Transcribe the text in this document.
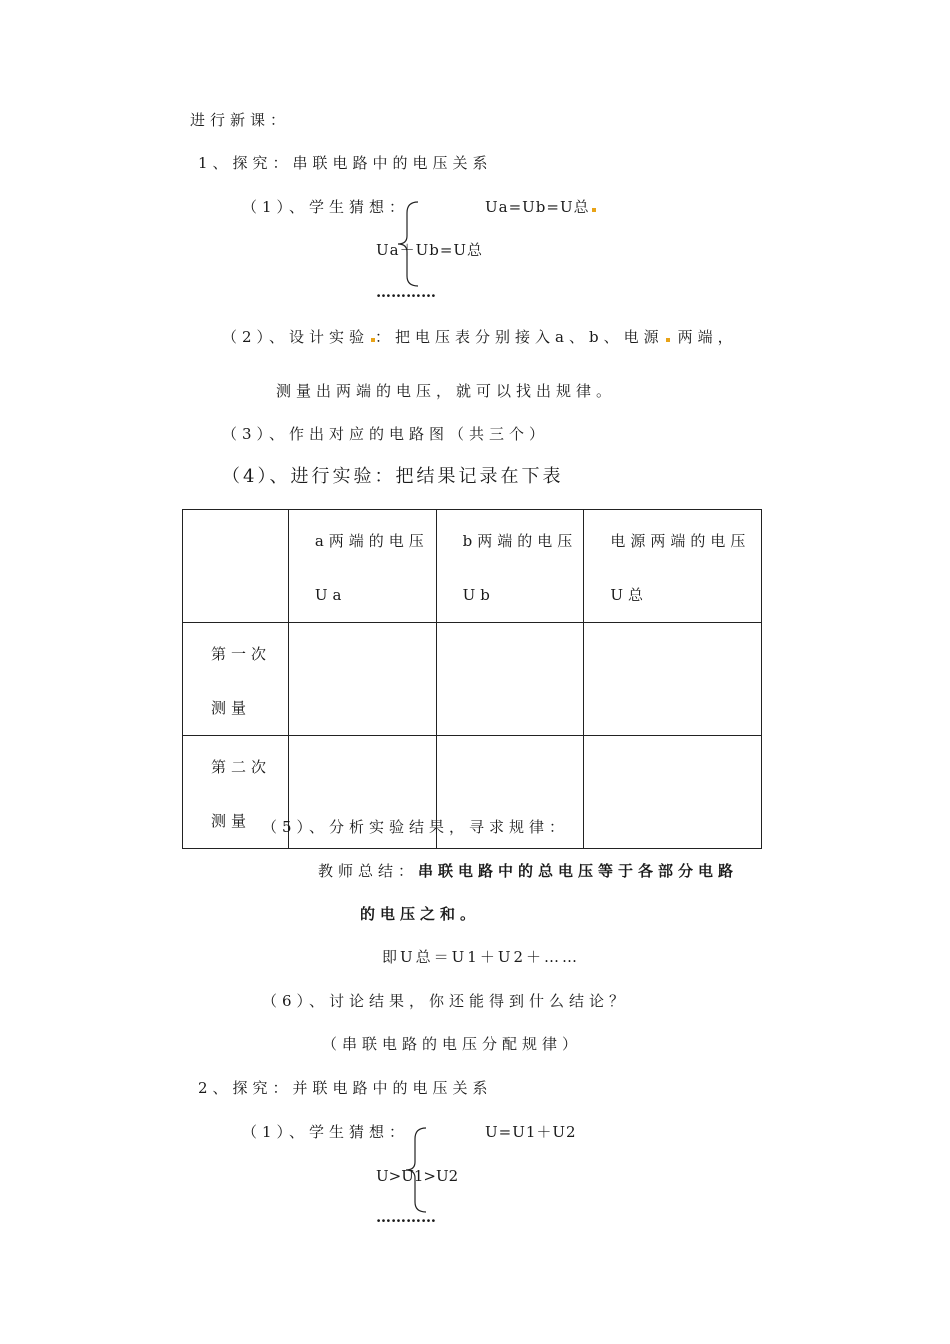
进行新课：
1、探究：串联电路中的电压关系
（1）、学生猜想：	Ua=Ub=U总
Ua＋Ub=U总
…………
（2）、设计实验 ：把电压表分别接入a、b、电源 两端，
测量出两端的电压，就可以找出规律。
（3）、作出对应的电路图（共三个）
（4）、进行实验：把结果记录在下表

	a两端的电压Ua	b两端的电压Ub	电源两端的电压U总

第一次测量			

第二次测量			
			（5）、分析实验结果，寻求规律：
教师总结：串联电路中的总电压等于各部分电路
的电压之和。
即U总＝U1＋U2＋……
（6）、讨论结果，你还能得到什么结论？
（串联电路的电压分配规律）
2、探究：并联电路中的电压关系
（1）、学生猜想：	U=U1＋U2
U>U1>U2
…………
